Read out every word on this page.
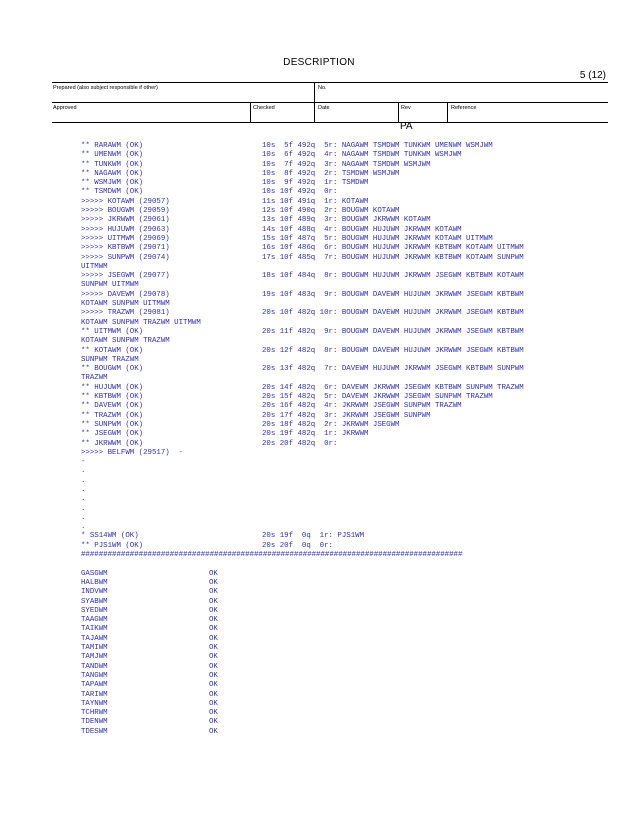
DESCRIPTION
5 (12)
Prepared (also subject responsible if other)	No.
Approved	Checked	Date	Rev	Reference
PA
** RARAWM (OK)	10s  5f 492q  5r: NAGAWM TSMDWM TUNKWM UMENWM WSMJWM
** UMENWM (OK)	10s  6f 492q  4r: NAGAWM TSMDWM TUNKWM WSMJWM
** TUNKWM (OK)	10s  7f 492q  3r: NAGAWM TSMDWM WSMJWM
** NAGAWM (OK)	10s  8f 492q  2r: TSMDWM WSMJWM
** WSMJWM (OK)	10s  9f 492q  1r: TSMDWM
** TSMDWM (OK)	10s 10f 492q  0r:
>>>>> KOTAWM (29057)	11s 10f 491q  1r: KOTAWM
>>>>> BOUGWM (29059)	12s 10f 490q  2r: BOUGWM KOTAWM
>>>>> JKRWWM (29061)	13s 10f 489q  3r: BOUGWM JKRWWM KOTAWM
>>>>> HUJUWM (29063)	14s 10f 488q  4r: BOUGWM HUJUWM JKRWWM KOTAWM
>>>>> UITMWM (29069)	15s 10f 487q  5r: BOUGWM HUJUWM JKRWWM KOTAWM UITMWM
>>>>> KBTBWM (29071)	16s 10f 486q  6r: BOUGWM HUJUWM JKRWWM KBTBWM KOTAWM UITMWM
>>>>> SUNPWM (29074)	17s 10f 485q  7r: BOUGWM HUJUWM JKRWWM KBTBWM KOTAWM SUNPWM
UITMWM
>>>>> JSEGWM (29077)	18s 10f 484q  8r: BOUGWM HUJUWM JKRWWM JSEGWM KBTBWM KOTAWM
SUNPWM UITMWM
>>>>> DAVEWM (29078)	19s 10f 483q  9r: BOUGWM DAVEWM HUJUWM JKRWWM JSEGWM KBTBWM
KOTAWM SUNPWM UITMWM
>>>>> TRAZWM (29081)	20s 10f 482q 10r: BOUGWM DAVEWM HUJUWM JKRWWM JSEGWM KBTBWM
KOTAWM SUNPWM TRAZWM UITMWM
** UITMWM (OK)	20s 11f 482q  9r: BOUGWM DAVEWM HUJUWM JKRWWM JSEGWM KBTBWM
KOTAWM SUNPWM TRAZWM
** KOTAWM (OK)	20s 12f 482q  8r: BOUGWM DAVEWM HUJUWM JKRWWM JSEGWM KBTBWM
SUNPWM TRAZWM
** BOUGWM (OK)	20s 13f 482q  7r: DAVEWM HUJUWM JKRWWM JSEGWM KBTBWM SUNPWM
TRAZWM
** HUJUWM (OK)	20s 14f 482q  6r: DAVEWM JKRWWM JSEGWM KBTBWM SUNPWM TRAZWM
** KBTBWM (OK)	20s 15f 482q  5r: DAVEWM JKRWWM JSEGWM SUNPWM TRAZWM
** DAVEWM (OK)	20s 16f 482q  4r: JKRWWM JSEGWM SUNPWM TRAZWM
** TRAZWM (OK)	20s 17f 482q  3r: JKRWWM JSEGWM SUNPWM
** SUNPWM (OK)	20s 18f 482q  2r: JKRWWM JSEGWM
** JSEGWM (OK)	20s 19f 482q  1r: JKRWWM
** JKRWWM (OK)	20s 20f 482q  0r:
>>>>> BELFWM (29517)  -
-
.
.
.
.
.
.
.
* SS14WM (OK)	20s 19f  0q  1r: PJS1WM
** PJS1WM (OK)	20s 20f  0q  0r:
######################################################################################
GASGWM	OK
HALBWM	OK
INDVWM	OK
SYABWM	OK
SYEDWM	OK
TAAGWM	OK
TAIKWM	OK
TAJAWM	OK
TAMIWM	OK
TAMJWM	OK
TANDWM	OK
TANGWM	OK
TAPAWM	OK
TARIWM	OK
TAYNWM	OK
TCHRWM	OK
TDENWM	OK
TDESWM	OK
